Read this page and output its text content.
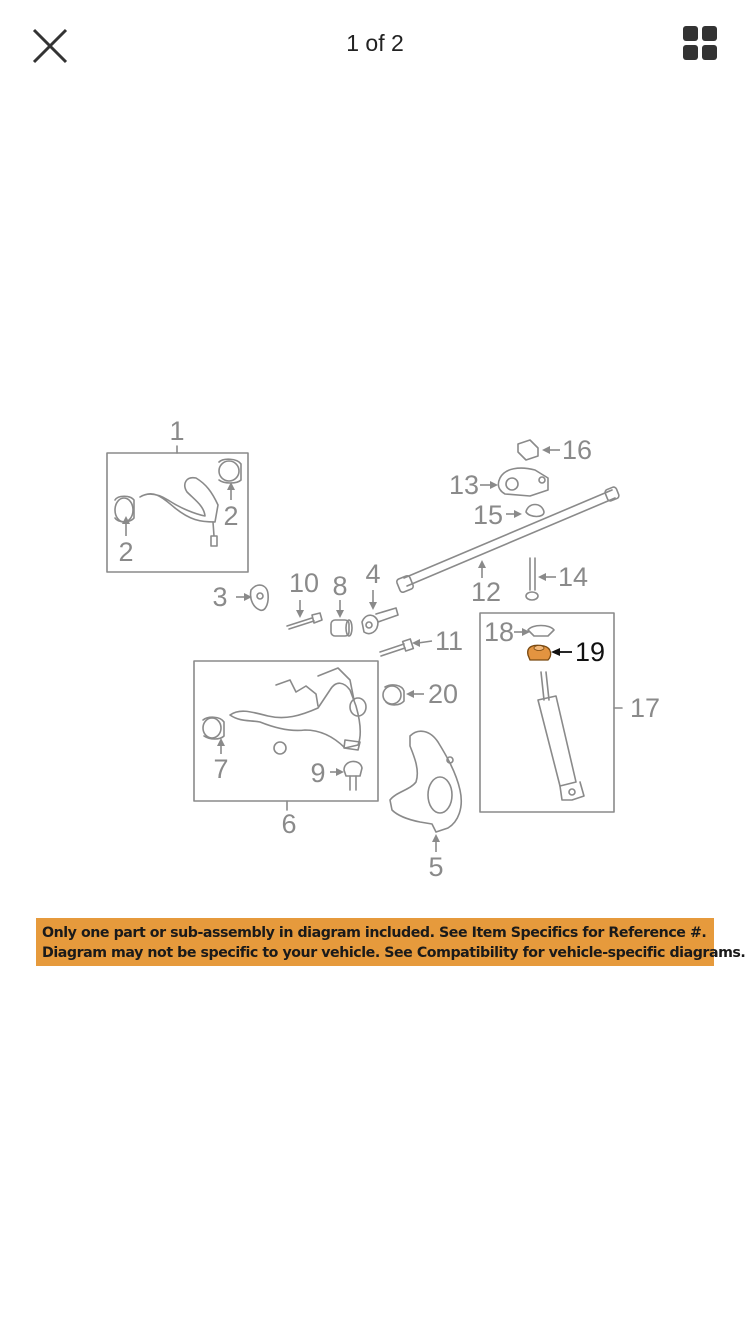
1 of 2
1
2
2
3 10 8 4
11
20
7	9
6
5
12
13
14
15
16
17
18
19
Only one part or sub-assembly in diagram included. See Item Specifics for Reference #.
Diagram may not be specific to your vehicle. See Compatibility for vehicle-specific diagrams.
